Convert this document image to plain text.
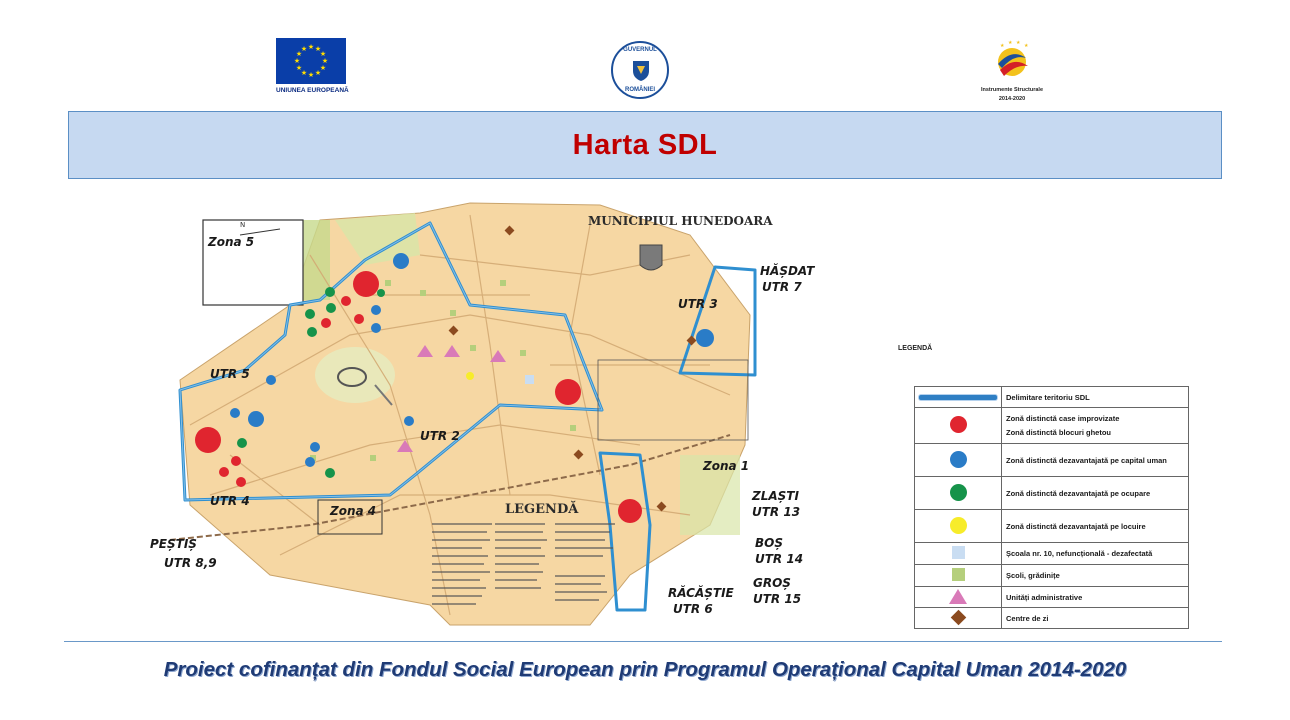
★ ★
★
★
★
★
★
★
★
★
★
★
UNIUNEA EUROPEANĂ
GUVERNUL
ROMÂNIEI
★ ★ ★ ★
Instrumente Structurale
2014-2020
Harta SDL
Zona 5
N
Zona 4
Zona 1
UTR 5
UTR 3
UTR 2
UTR 4
MUNICIPIUL HUNEDOARA
LEGENDĂ
HĂȘDAT
UTR 7
PEȘTIȘ
UTR 8,9
ZLAȘTI
UTR 13
BOȘ
UTR 14
GROȘ
UTR 15
RĂCĂȘTIE
UTR 6
LEGENDĂ
	Delimitare teritoriu SDL

	Zonă distinctă case improvizate
Zonă distinctă blocuri ghetou

	Zonă distinctă dezavantajată pe capital uman
	Zonă distinctă dezavantajată pe ocupare
	Zonă distinctă dezavantajată pe locuire
	Școala nr. 10, nefuncțională - dezafectată
	Școli, grădinițe
	Unități administrative
	Centre de zi
Proiect cofinanțat din Fondul Social European prin Programul Operațional Capital Uman 2014-2020
